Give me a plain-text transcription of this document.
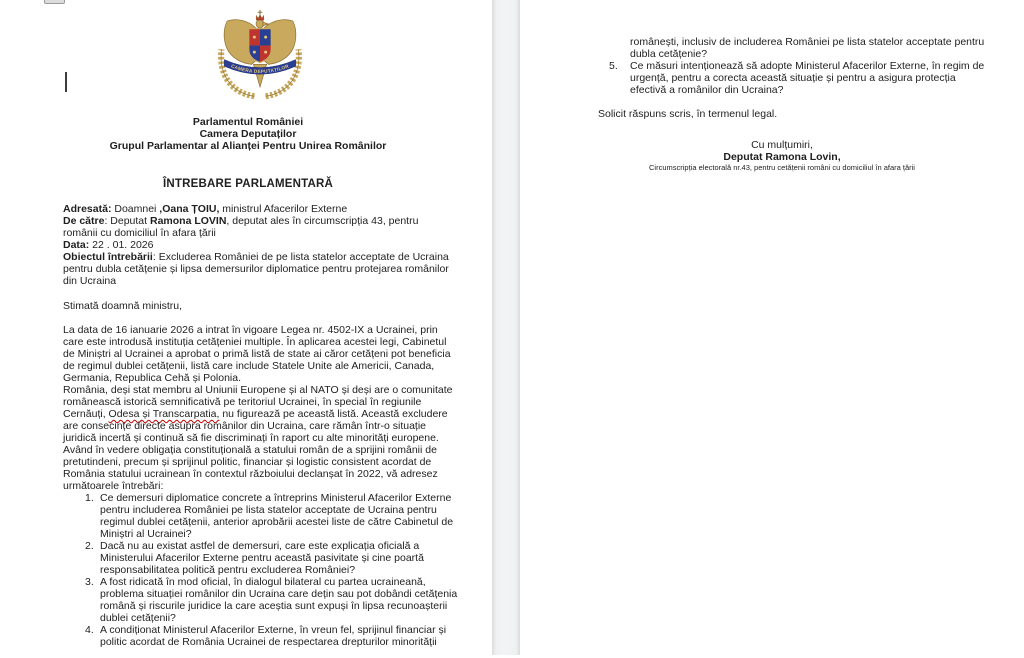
CAMERA DEPUTAȚILOR
Parlamentul României
Camera Deputaților
Grupul Parlamentar al Alianței Pentru Unirea Românilor
ÎNTREBARE PARLAMENTARĂ
Adresată: Doamnei ,Oana ȚOIU, ministrul Afacerilor Externe
De către: Deputat Ramona LOVIN, deputat ales în circumscripția 43, pentru
românii cu domiciliul în afara țării
Data: 22 . 01. 2026
Obiectul întrebării: Excluderea României de pe lista statelor acceptate de Ucraina
pentru dubla cetățenie și lipsa demersurilor diplomatice pentru protejarea românilor
din Ucraina
Stimată doamnă ministru,
La data de 16 ianuarie 2026 a intrat în vigoare Legea nr. 4502-IX a Ucrainei, prin
care este introdusă instituția cetățeniei multiple. În aplicarea acestei legi, Cabinetul
de Miniștri al Ucrainei a aprobat o primă listă de state ai căror cetățeni pot beneficia
de regimul dublei cetățenii, listă care include Statele Unite ale Americii, Canada,
Germania, Republica Cehă și Polonia.
România, deși stat membru al Uniunii Europene și al NATO și deși are o comunitate
românească istorică semnificativă pe teritoriul Ucrainei, în special în regiunile
Cernăuți, Odesa și Transcarpatia, nu figurează pe această listă. Această excludere
are consecințe directe asupra românilor din Ucraina, care rămân într-o situație
juridică incertă și continuă să fie discriminați în raport cu alte minorități europene.
Având în vedere obligația constituțională a statului român de a sprijini românii de
pretutindeni, precum și sprijinul politic, financiar și logistic consistent acordat de
România statului ucrainean în contextul războiului declanșat în 2022, vă adresez
următoarele întrebări:
1. Ce demersuri diplomatice concrete a întreprins Ministerul Afacerilor Externe
pentru includerea României pe lista statelor acceptate de Ucraina pentru
regimul dublei cetățenii, anterior aprobării acestei liste de către Cabinetul de
Miniștri al Ucrainei?
2. Dacă nu au existat astfel de demersuri, care este explicația oficială a
Ministerului Afacerilor Externe pentru această pasivitate și cine poartă
responsabilitatea politică pentru excluderea României?
3. A fost ridicată în mod oficial, în dialogul bilateral cu partea ucraineană,
problema situației românilor din Ucraina care dețin sau pot dobândi cetățenia
română și riscurile juridice la care aceștia sunt expuși în lipsa recunoașterii
dublei cetățenii?
4. A condiționat Ministerul Afacerilor Externe, în vreun fel, sprijinul financiar și
politic acordat de România Ucrainei de respectarea drepturilor minorității
românești, inclusiv de includerea României pe lista statelor acceptate pentru
dubla cetățenie?
5. Ce măsuri intenționează să adopte Ministerul Afacerilor Externe, în regim de
urgență, pentru a corecta această situație și pentru a asigura protecția
efectivă a românilor din Ucraina?
Solicit răspuns scris, în termenul legal.
Cu mulțumiri,
Deputat Ramona Lovin,
Circumscripția electorală nr.43, pentru cetățenii români cu domiciliul în afara țării
